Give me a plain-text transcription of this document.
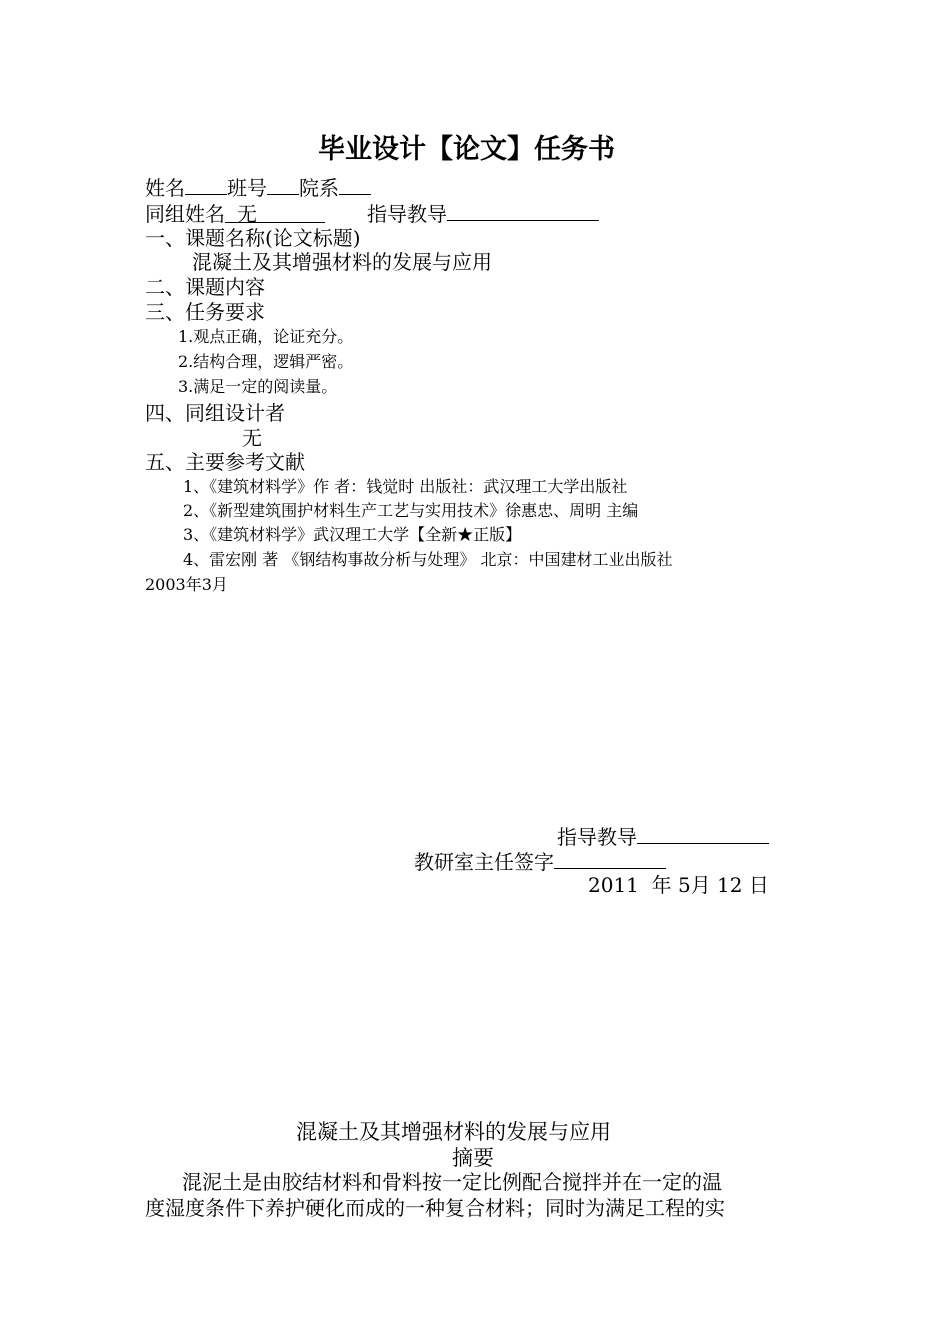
毕业设计【论文】任务书
姓名 班号 院系
同组姓名 无	指导教导
一、课题名称(论文标题)
混凝土及其增强材料的发展与应用
二、课题内容
三、任务要求
1.观点正确，论证充分。
2.结构合理，逻辑严密。
3.满足一定的阅读量。
四、同组设计者
无
五、主要参考文献
1、《建筑材料学》作 者：钱觉时 出版社：武汉理工大学出版社
2、《新型建筑围护材料生产工艺与实用技术》徐惠忠、周明 主编
3、《建筑材料学》武汉理工大学【全新★正版】
4、雷宏刚 著 《钢结构事故分析与处理》 北京：中国建材工业出版社
2003年3月
指导教导
教研室主任签字
2011  年 5月 12 日
混凝土及其增强材料的发展与应用
摘要
混泥土是由胶结材料和骨料按一定比例配合搅拌并在一定的温
度湿度条件下养护硬化而成的一种复合材料；同时为满足工程的实
